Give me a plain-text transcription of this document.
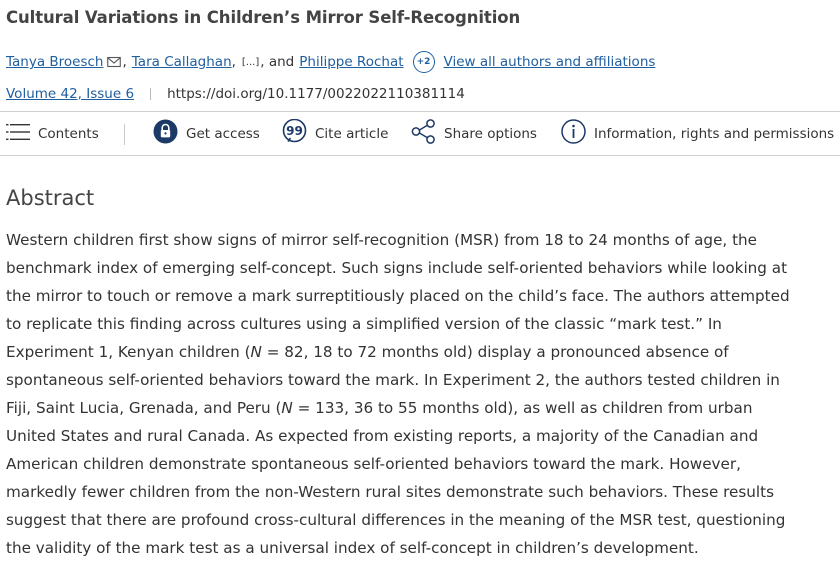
Cultural Variations in Children’s Mirror Self-Recognition
Tanya Broesch , Tara Callaghan , [...] , and Philippe Rochat	+2 View all authors and affiliations
Volume 42, Issue 6 https://doi.org/10.1177/0022022110381114
Contents	Get access 99 Cite article	Share options	Information, rights and permissions
Abstract

Western children first show signs of mirror self-recognition (MSR) from 18 to 24 months of age, the benchmark index of emerging self-concept. Such signs include self-oriented behaviors while looking at the mirror to touch or remove a mark surreptitiously placed on the child’s face. The authors attempted to replicate this finding across cultures using a simplified version of the classic “mark test.” In Experiment 1, Kenyan children (N = 82, 18 to 72 months old) display a pronounced absence of spontaneous self-oriented behaviors toward the mark. In Experiment 2, the authors tested children in Fiji, Saint Lucia, Grenada, and Peru (N = 133, 36 to 55 months old), as well as children from urban United States and rural Canada. As expected from existing reports, a majority of the Canadian and American children demonstrate spontaneous self-oriented behaviors toward the mark. However, markedly fewer children from the non-Western rural sites demonstrate such behaviors. These results suggest that there are profound cross-cultural differences in the meaning of the MSR test, questioning the validity of the mark test as a universal index of self-concept in children’s development.
